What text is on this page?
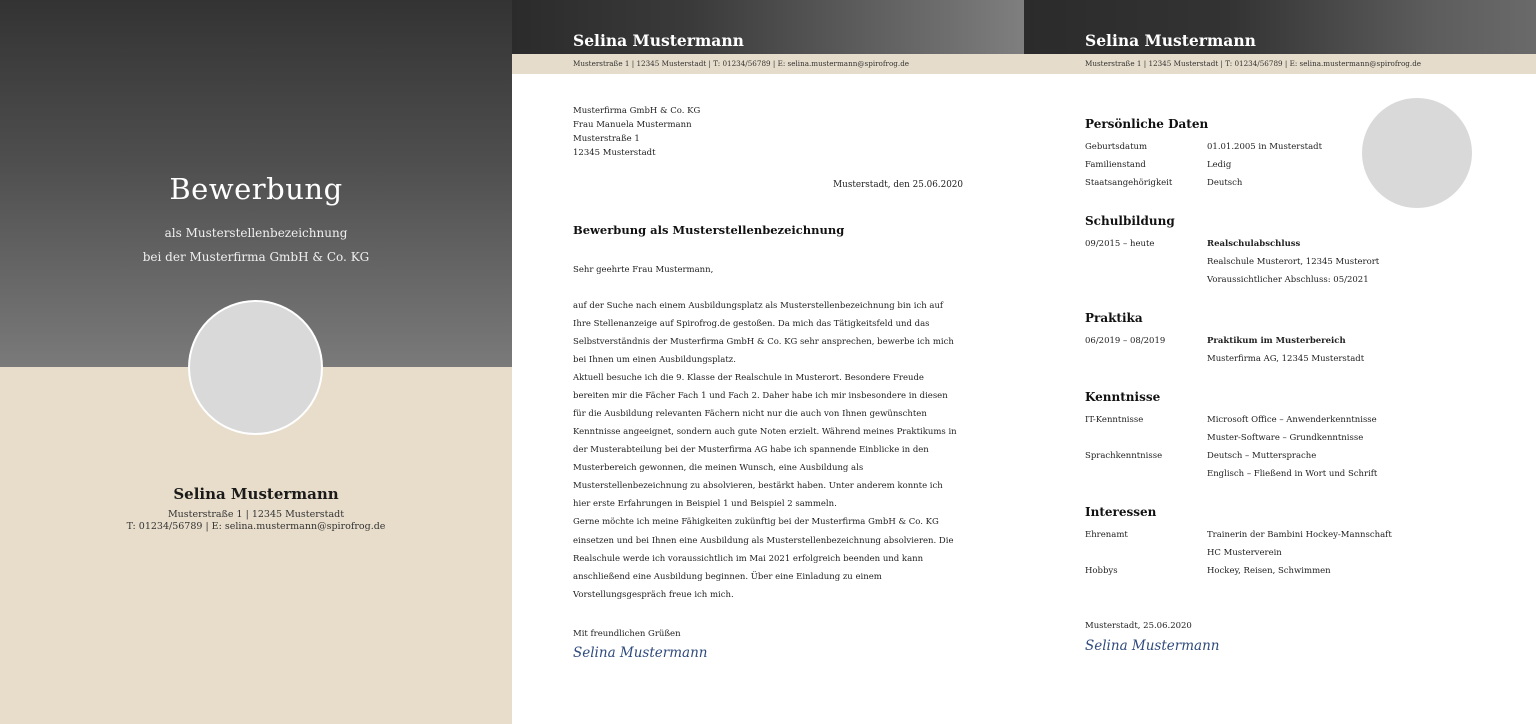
Bewerbung
als Musterstellenbezeichnung
bei der Musterfirma GmbH & Co. KG
Selina Mustermann
Musterstraße 1 | 12345 Musterstadt
T: 01234/56789 | E: selina.mustermann@spirofrog.de
Selina Mustermann
Musterstraße 1 | 12345 Musterstadt | T: 01234/56789 | E: selina.mustermann@spirofrog.de
Musterfirma GmbH & Co. KG
Frau Manuela Mustermann
Musterstraße 1
12345 Musterstadt
Musterstadt, den 25.06.2020
Bewerbung als Musterstellenbezeichnung
Sehr geehrte Frau Mustermann,
auf der Suche nach einem Ausbildungsplatz als Musterstellenbezeichnung bin ich auf
Ihre Stellenanzeige auf Spirofrog.de gestoßen. Da mich das Tätigkeitsfeld und das
Selbstverständnis der Musterfirma GmbH & Co. KG sehr ansprechen, bewerbe ich mich
bei Ihnen um einen Ausbildungsplatz.
Aktuell besuche ich die 9. Klasse der Realschule in Musterort. Besondere Freude
bereiten mir die Fächer Fach 1 und Fach 2. Daher habe ich mir insbesondere in diesen
für die Ausbildung relevanten Fächern nicht nur die auch von Ihnen gewünschten
Kenntnisse angeeignet, sondern auch gute Noten erzielt. Während meines Praktikums in
der Musterabteilung bei der Musterfirma AG habe ich spannende Einblicke in den
Musterbereich gewonnen, die meinen Wunsch, eine Ausbildung als
Musterstellenbezeichnung zu absolvieren, bestärkt haben. Unter anderem konnte ich
hier erste Erfahrungen in Beispiel 1 und Beispiel 2 sammeln.
Gerne möchte ich meine Fähigkeiten zukünftig bei der Musterfirma GmbH & Co. KG
einsetzen und bei Ihnen eine Ausbildung als Musterstellenbezeichnung absolvieren. Die
Realschule werde ich voraussichtlich im Mai 2021 erfolgreich beenden und kann
anschließend eine Ausbildung beginnen. Über eine Einladung zu einem
Vorstellungsgespräch freue ich mich.
Mit freundlichen Grüßen
Selina Mustermann
Selina Mustermann
Musterstraße 1 | 12345 Musterstadt | T: 01234/56789 | E: selina.mustermann@spirofrog.de
Persönliche Daten
Geburtsdatum	01.01.2005 in Musterstadt
Familienstand	Ledig
Staatsangehörigkeit	Deutsch
Schulbildung
09/2015 – heute	Realschulabschluss
Realschule Musterort, 12345 Musterort
Voraussichtlicher Abschluss: 05/2021
Praktika
06/2019 – 08/2019	Praktikum im Musterbereich
Musterfirma AG, 12345 Musterstadt
Kenntnisse
IT-Kenntnisse	Microsoft Office – Anwenderkenntnisse
Muster-Software – Grundkenntnisse
Sprachkenntnisse	Deutsch – Muttersprache
Englisch – Fließend in Wort und Schrift
Interessen
Ehrenamt	Trainerin der Bambini Hockey-Mannschaft
HC Musterverein
Hobbys	Hockey, Reisen, Schwimmen
Musterstadt, 25.06.2020
Selina Mustermann
